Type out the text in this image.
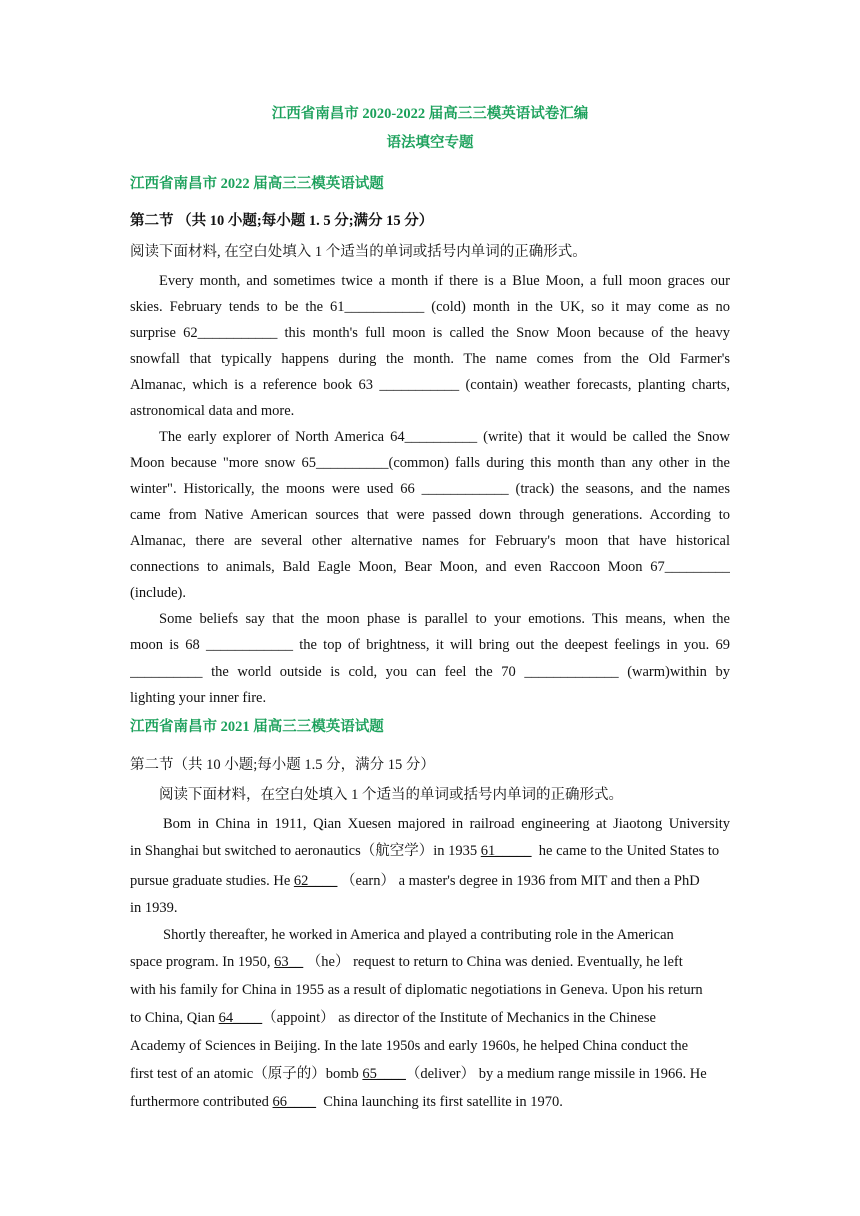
江西省南昌市 2020-2022 届高三三模英语试卷汇编
语法填空专题
江西省南昌市 2022 届高三三模英语试题
第二节 （共 10 小题;每小题 1. 5 分;满分 15 分）
阅读下面材料, 在空白处填入 1 个适当的单词或括号内单词的正确形式。
Every month, and sometimes twice a month if there is a Blue Moon, a full moon graces our
skies. February tends to be the 61___________ (cold) month in the UK, so it may come as no
surprise 62___________ this month's full moon is called the Snow Moon because of the heavy
snowfall that typically happens during the month. The name comes from the Old Farmer's
Almanac, which is a reference book 63 ___________ (contain) weather forecasts, planting charts,
astronomical data and more.
The early explorer of North America 64__________ (write) that it would be called the Snow
Moon because "more snow 65__________(common) falls during this month than any other in the
winter". Historically, the moons were used 66 ____________ (track) the seasons, and the names
came from Native American sources that were passed down through generations. According to
Almanac, there are several other alternative names for February's moon that have historical
connections to animals, Bald Eagle Moon, Bear Moon, and even Raccoon Moon 67_________
(include).
Some beliefs say that the moon phase is parallel to your emotions. This means, when the
moon is 68 ____________ the top of brightness, it will bring out the deepest feelings in you. 69
__________ the world outside is cold, you can feel the 70 _____________ (warm)within by
lighting your inner fire.
江西省南昌市 2021 届高三三模英语试题
第二节（共 10 小题;每小题 1.5 分，满分 15 分）
阅读下面材料，在空白处填入 1 个适当的单词或括号内单词的正确形式。
Bom in China in 1911, Qian Xuesen majored in railroad engineering at Jiaotong University
in Shanghai but switched to aeronautics（航空学）in 1935 61_____  he came to the United States to
pursue graduate studies. He 62____ （earn） a master's degree in 1936 from MIT and then a PhD
in 1939.
Shortly thereafter, he worked in America and played a contributing role in the American
space program. In 1950, 63__ （he） request to return to China was denied. Eventually, he left
with his family for China in 1955 as a result of diplomatic negotiations in Geneva. Upon his return
to China, Qian 64____（appoint） as director of the Institute of Mechanics in the Chinese
Academy of Sciences in Beijing. In the late 1950s and early 1960s, he helped China conduct the
first test of an atomic（原子的）bomb 65____（deliver） by a medium range missile in 1966. He
furthermore contributed 66____  China launching its first satellite in 1970.
